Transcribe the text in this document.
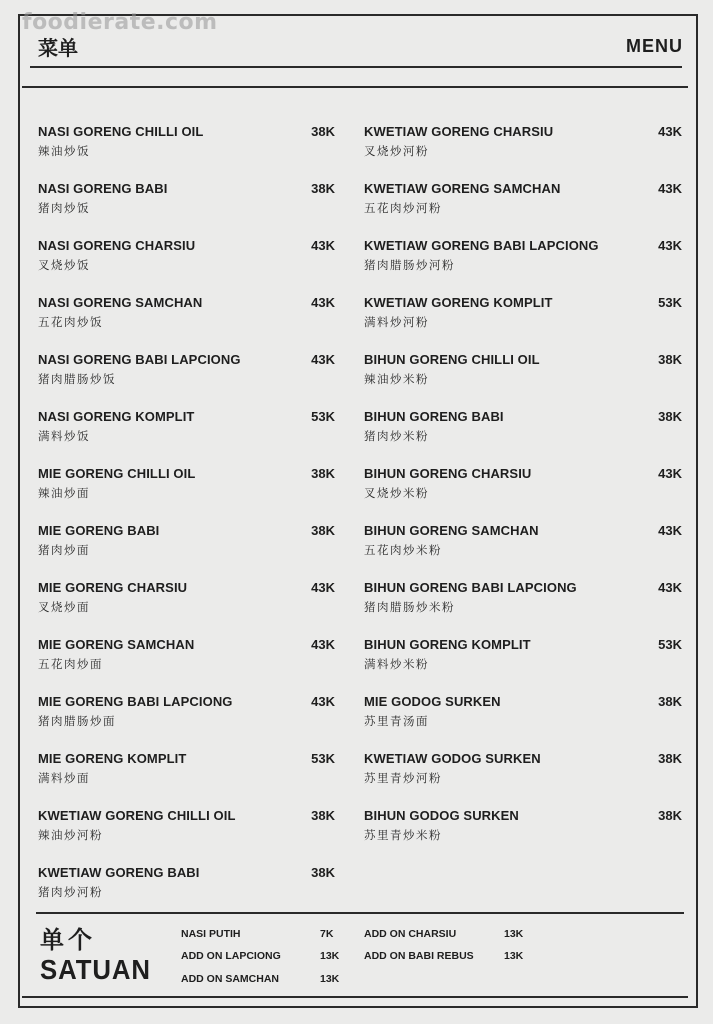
foodierate.com
菜单	MENU
NASI GORENG CHILLI OIL	38K
辣油炒饭
NASI GORENG BABI	38K
猪肉炒饭
NASI GORENG CHARSIU	43K
叉烧炒饭
NASI GORENG SAMCHAN	43K
五花肉炒饭
NASI GORENG BABI LAPCIONG	43K
猪肉腊肠炒饭
NASI GORENG KOMPLIT	53K
满料炒饭
MIE GORENG CHILLI OIL	38K
辣油炒面
MIE GORENG BABI	38K
猪肉炒面
MIE GORENG CHARSIU	43K
叉烧炒面
MIE GORENG SAMCHAN	43K
五花肉炒面
MIE GORENG BABI LAPCIONG	43K
猪肉腊肠炒面
MIE GORENG KOMPLIT	53K
满料炒面
KWETIAW GORENG CHILLI OIL	38K
辣油炒河粉
KWETIAW GORENG BABI	38K
猪肉炒河粉
KWETIAW GORENG CHARSIU	43K
叉烧炒河粉
KWETIAW GORENG SAMCHAN	43K
五花肉炒河粉
KWETIAW GORENG BABI LAPCIONG	43K
猪肉腊肠炒河粉
KWETIAW GORENG KOMPLIT	53K
满料炒河粉
BIHUN GORENG CHILLI OIL	38K
辣油炒米粉
BIHUN GORENG BABI	38K
猪肉炒米粉
BIHUN GORENG CHARSIU	43K
叉烧炒米粉
BIHUN GORENG SAMCHAN	43K
五花肉炒米粉
BIHUN GORENG BABI LAPCIONG	43K
猪肉腊肠炒米粉
BIHUN GORENG KOMPLIT	53K
满料炒米粉
MIE GODOG SURKEN	38K
苏里青汤面
KWETIAW GODOG SURKEN	38K
苏里青炒河粉
BIHUN GODOG SURKEN	38K
苏里青炒米粉
单个
SATUAN
NASI PUTIH	7K
ADD ON LAPCIONG	13K
ADD ON SAMCHAN	13K
ADD ON CHARSIU	13K
ADD ON BABI REBUS	13K
